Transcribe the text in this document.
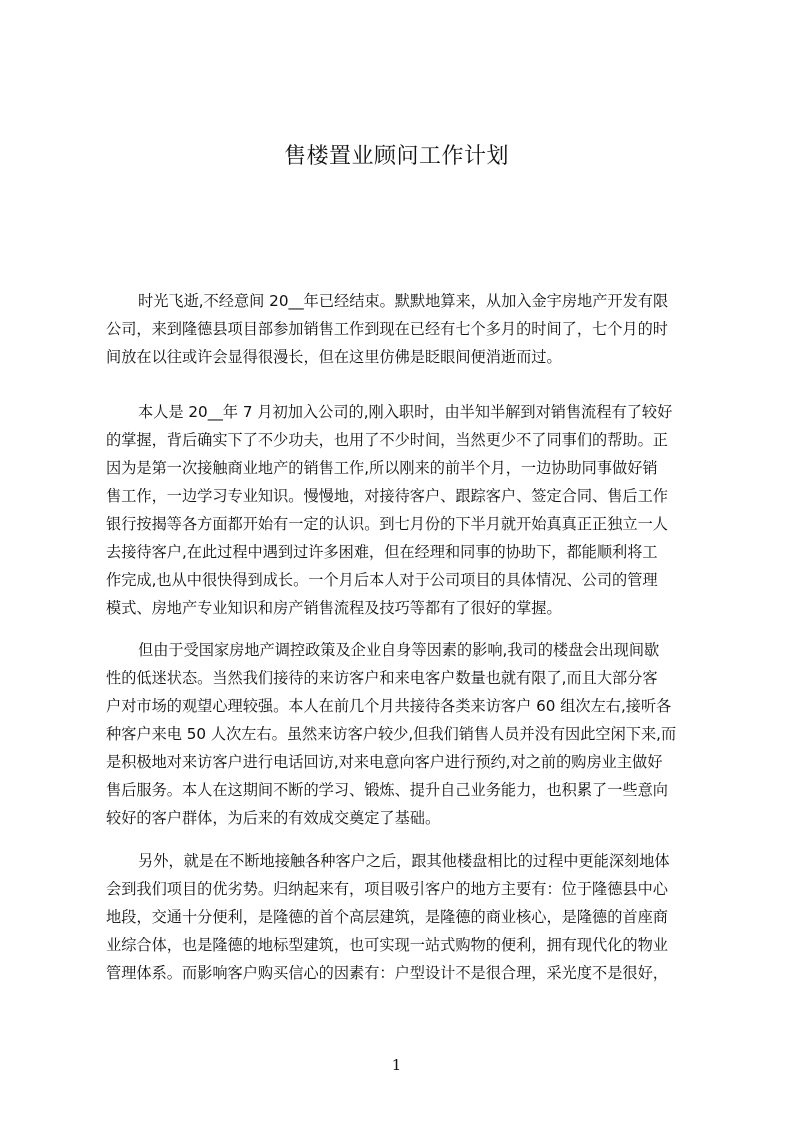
售楼置业顾问工作计划
时光飞逝,不经意间 20__年已经结束。默默地算来，从加入金宇房地产开发有限
公司，来到隆德县项目部参加销售工作到现在已经有七个多月的时间了，七个月的时
间放在以往或许会显得很漫长，但在这里仿佛是眨眼间便消逝而过。
本人是 20__年 7 月初加入公司的,刚入职时，由半知半解到对销售流程有了较好
的掌握，背后确实下了不少功夫，也用了不少时间，当然更少不了同事们的帮助。正
因为是第一次接触商业地产的销售工作,所以刚来的前半个月，一边协助同事做好销
售工作，一边学习专业知识。慢慢地，对接待客户、跟踪客户、签定合同、售后工作
银行按揭等各方面都开始有一定的认识。到七月份的下半月就开始真真正正独立一人
去接待客户,在此过程中遇到过许多困难，但在经理和同事的协助下，都能顺利将工
作完成,也从中很快得到成长。一个月后本人对于公司项目的具体情况、公司的管理
模式、房地产专业知识和房产销售流程及技巧等都有了很好的掌握。
但由于受国家房地产调控政策及企业自身等因素的影响,我司的楼盘会出现间歇
性的低迷状态。当然我们接待的来访客户和来电客户数量也就有限了,而且大部分客
户对市场的观望心理较强。本人在前几个月共接待各类来访客户 60 组次左右,接听各
种客户来电 50 人次左右。虽然来访客户较少,但我们销售人员并没有因此空闲下来,而
是积极地对来访客户进行电话回访,对来电意向客户进行预约,对之前的购房业主做好
售后服务。本人在这期间不断的学习、锻炼、提升自己业务能力，也积累了一些意向
较好的客户群体，为后来的有效成交奠定了基础。
另外，就是在不断地接触各种客户之后，跟其他楼盘相比的过程中更能深刻地体
会到我们项目的优劣势。归纳起来有，项目吸引客户的地方主要有：位于隆德县中心
地段，交通十分便利，是隆德的首个高层建筑，是隆德的商业核心，是隆德的首座商
业综合体，也是隆德的地标型建筑，也可实现一站式购物的便利，拥有现代化的物业
管理体系。而影响客户购买信心的因素有：户型设计不是很合理，采光度不是很好，
1
